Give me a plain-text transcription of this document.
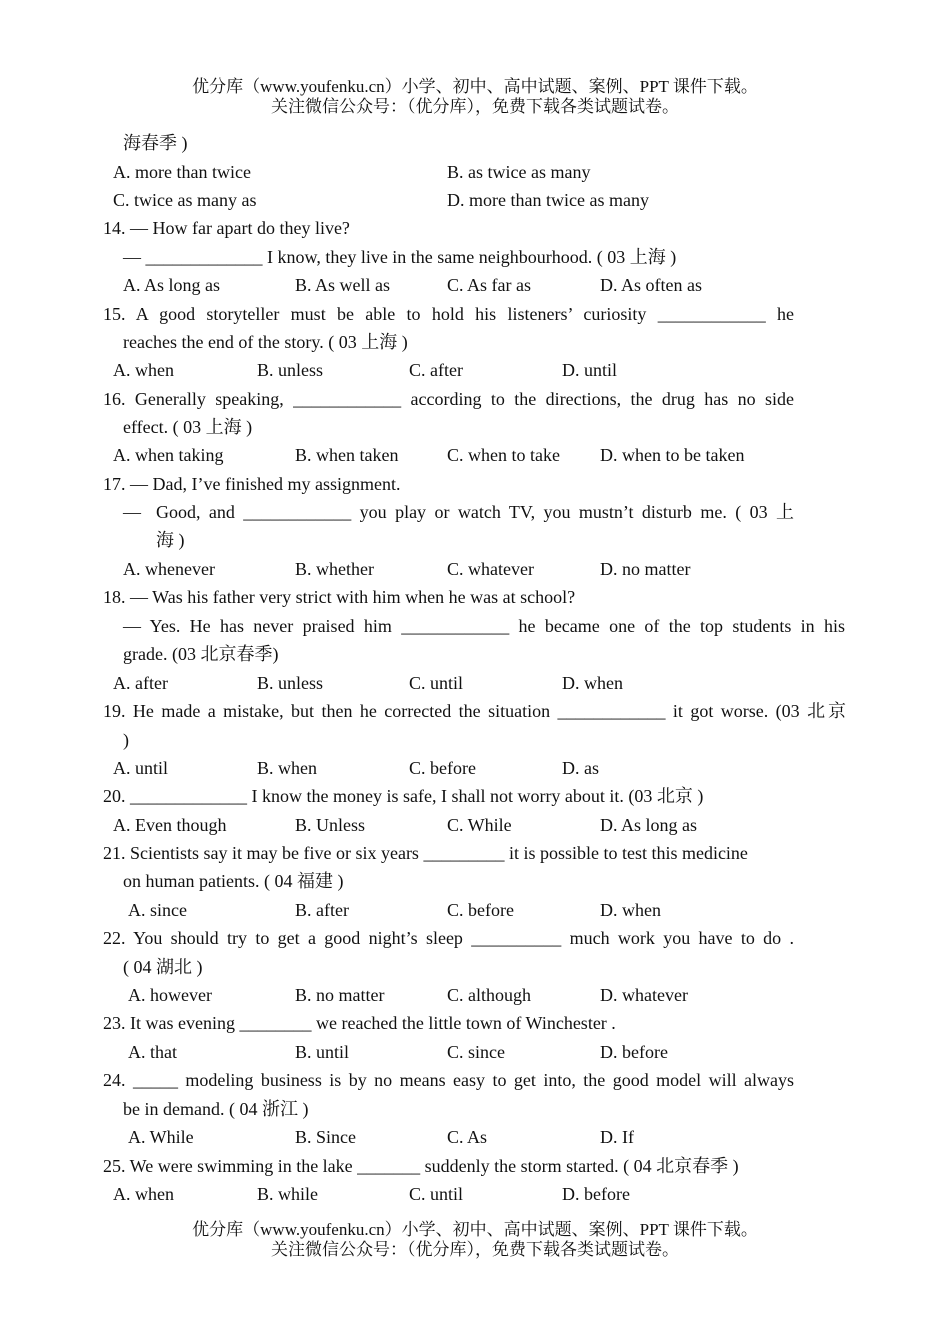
优分库（www.youfenku.cn）小学、初中、高中试题、案例、PPT 课件下载。
关注微信公众号：（优分库），免费下载各类试题试卷。
海春季 )
A. more than twice	B. as twice as many
C. twice as many as	D. more than twice as many
14. — How far apart do they live?
— _____________ I know, they live in the same neighbourhood. ( 03 上海 )
A. As long as	B. As well as	C. As far as	D. As often as
15. A good storyteller must be able to hold his listeners’ curiosity ____________ he
reaches the end of the story. ( 03 上海 )
A. when	B. unless	C. after	D. until
16. Generally speaking, ____________ according to the directions, the drug has no side
effect. ( 03 上海 )
A. when taking	B. when taken	C. when to take D. when to be taken
17. — Dad, I’ve finished my assignment.
— Good, and ____________ you play or watch TV, you mustn’t disturb me. ( 03 上
海 )
A. whenever	B. whether	C. whatever	D. no matter
18. — Was his father very strict with him when he was at school?
— Yes. He has never praised him ____________ he became one of the top students in his
grade. (03 北京春季)
A. after	B. unless	C. until	D. when
19. He made a mistake, but then he corrected the situation ____________ it got worse. (03 北京
)
A. until	B. when	C. before	D. as
20. _____________ I know the money is safe, I shall not worry about it. (03 北京 )
A. Even though	B. Unless	C. While	D. As long as
21. Scientists say it may be five or six years _________ it is possible to test this medicine
on human patients. ( 04 福建 )
A. since	B. after	C. before	D. when
22. You should try to get a good night’s sleep __________ much work you have to do .
( 04 湖北 )
A. however	B. no matter	C. although	D. whatever
23. It was evening ________ we reached the little town of Winchester .
A. that	B. until	C. since	D. before
24. _____ modeling business is by no means easy to get into, the good model will always
be in demand. ( 04 浙江 )
A. While	B. Since	C. As	D. If
25. We were swimming in the lake _______ suddenly the storm started. ( 04 北京春季 )
A. when	B. while	C. until	D. before
优分库（www.youfenku.cn）小学、初中、高中试题、案例、PPT 课件下载。
关注微信公众号：（优分库），免费下载各类试题试卷。
